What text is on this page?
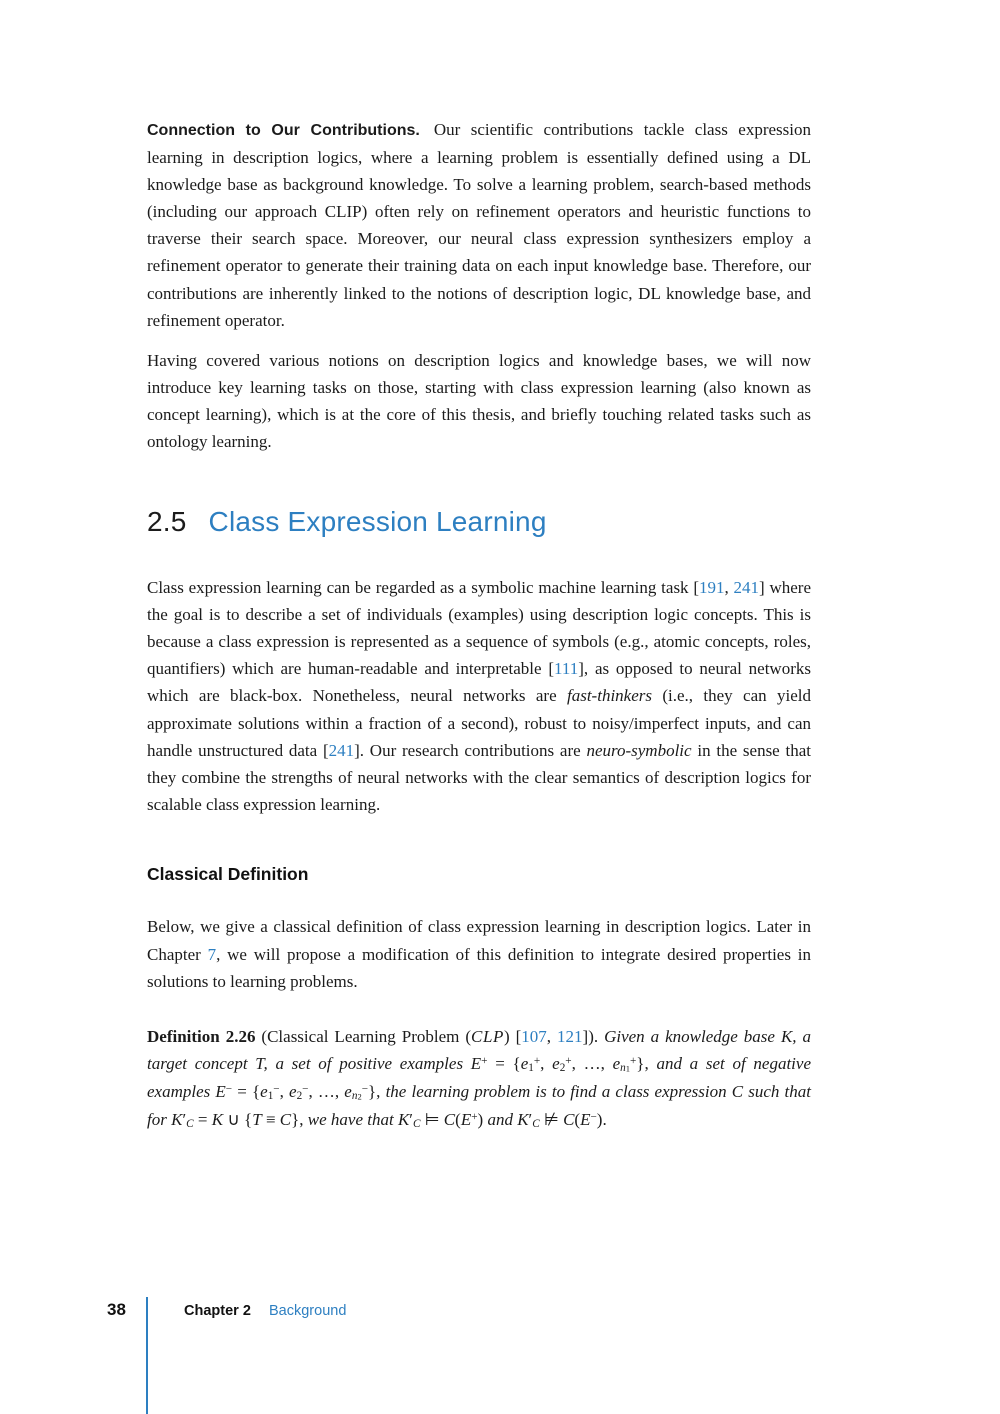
Connection to Our Contributions. Our scientific contributions tackle class expression learning in description logics, where a learning problem is essentially defined using a DL knowledge base as background knowledge. To solve a learning problem, search-based methods (including our approach CLIP) often rely on refinement operators and heuristic functions to traverse their search space. Moreover, our neural class expression synthesizers employ a refinement operator to generate their training data on each input knowledge base. Therefore, our contributions are inherently linked to the notions of description logic, DL knowledge base, and refinement operator.

Having covered various notions on description logics and knowledge bases, we will now introduce key learning tasks on those, starting with class expression learning (also known as concept learning), which is at the core of this thesis, and briefly touching related tasks such as ontology learning.

2.5 Class Expression Learning

Class expression learning can be regarded as a symbolic machine learning task [191, 241] where the goal is to describe a set of individuals (examples) using description logic concepts. This is because a class expression is represented as a sequence of symbols (e.g., atomic concepts, roles, quantifiers) which are human-readable and interpretable [111], as opposed to neural networks which are black-box. Nonetheless, neural networks are fast-thinkers (i.e., they can yield approximate solutions within a fraction of a second), robust to noisy/imperfect inputs, and can handle unstructured data [241]. Our research contributions are neuro-symbolic in the sense that they combine the strengths of neural networks with the clear semantics of description logics for scalable class expression learning.

Classical Definition

Below, we give a classical definition of class expression learning in description logics. Later in Chapter 7, we will propose a modification of this definition to integrate desired properties in solutions to learning problems.

Definition 2.26 (Classical Learning Problem (CLP) [107, 121]). Given a knowledge base K, a target concept T, a set of positive examples E+ = {e1+, e2+, …, en1+}, and a set of negative examples E− = {e1−, e2−, …, en2−}, the learning problem is to find a class expression C such that for K′C = K ∪ {T ≡ C}, we have that K′C ⊨ C(E+) and K′C ⊭ C(E−).

38	Chapter 2 Background
